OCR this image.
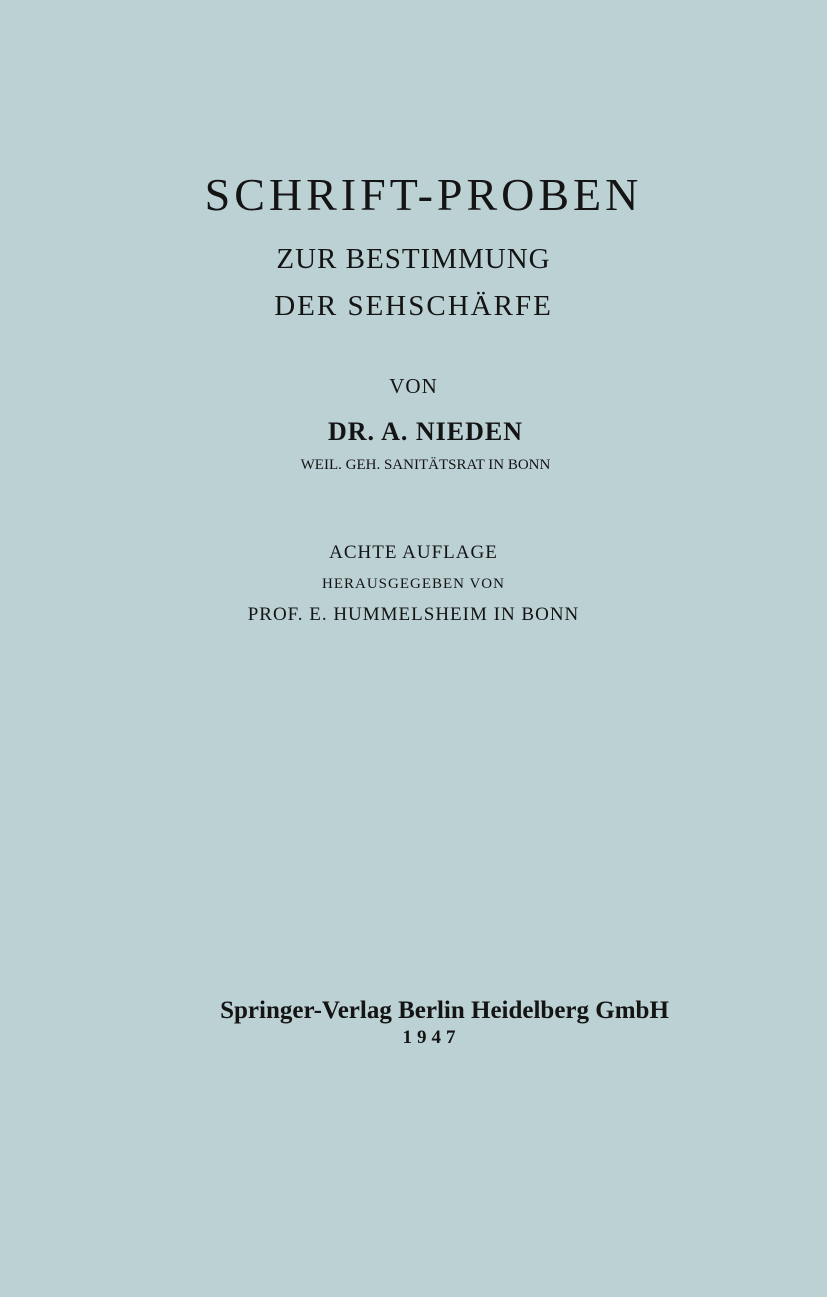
SCHRIFT-PROBEN
ZUR BESTIMMUNG
DER SEHSCHÄRFE
VON
DR. A. NIEDEN
WEIL. GEH. SANITÄTSRAT IN BONN
ACHTE AUFLAGE
HERAUSGEGEBEN VON
PROF. E. HUMMELSHEIM IN BONN
Springer-Verlag Berlin Heidelberg GmbH
1947
